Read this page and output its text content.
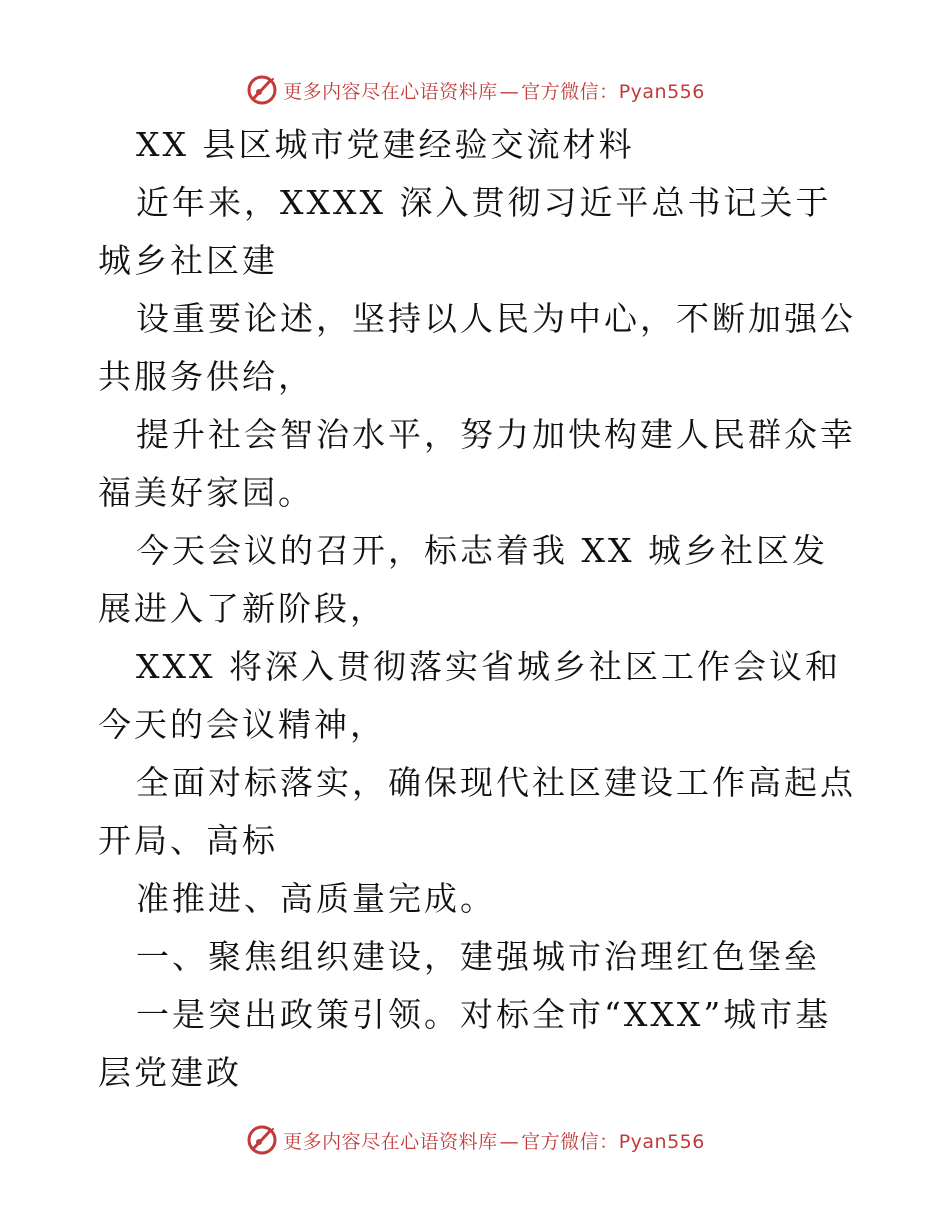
更多内容尽在心语资料库 — 官方微信：Pyan556

XX 县区城市党建经验交流材料

近年来，XXXX 深入贯彻习近平总书记关于城乡社区建

设重要论述，坚持以人民为中心，不断加强公共服务供给，

提升社会智治水平，努力加快构建人民群众幸福美好家园。

今天会议的召开，标志着我 XX 城乡社区发展进入了新阶段，

XXX 将深入贯彻落实省城乡社区工作会议和今天的会议精神，

全面对标落实，确保现代社区建设工作高起点开局、高标

准推进、高质量完成。

一、聚焦组织建设，建强城市治理红色堡垒

一是突出政策引领。对标全市“XXX”城市基层党建政

更多内容尽在心语资料库 — 官方微信：Pyan556
